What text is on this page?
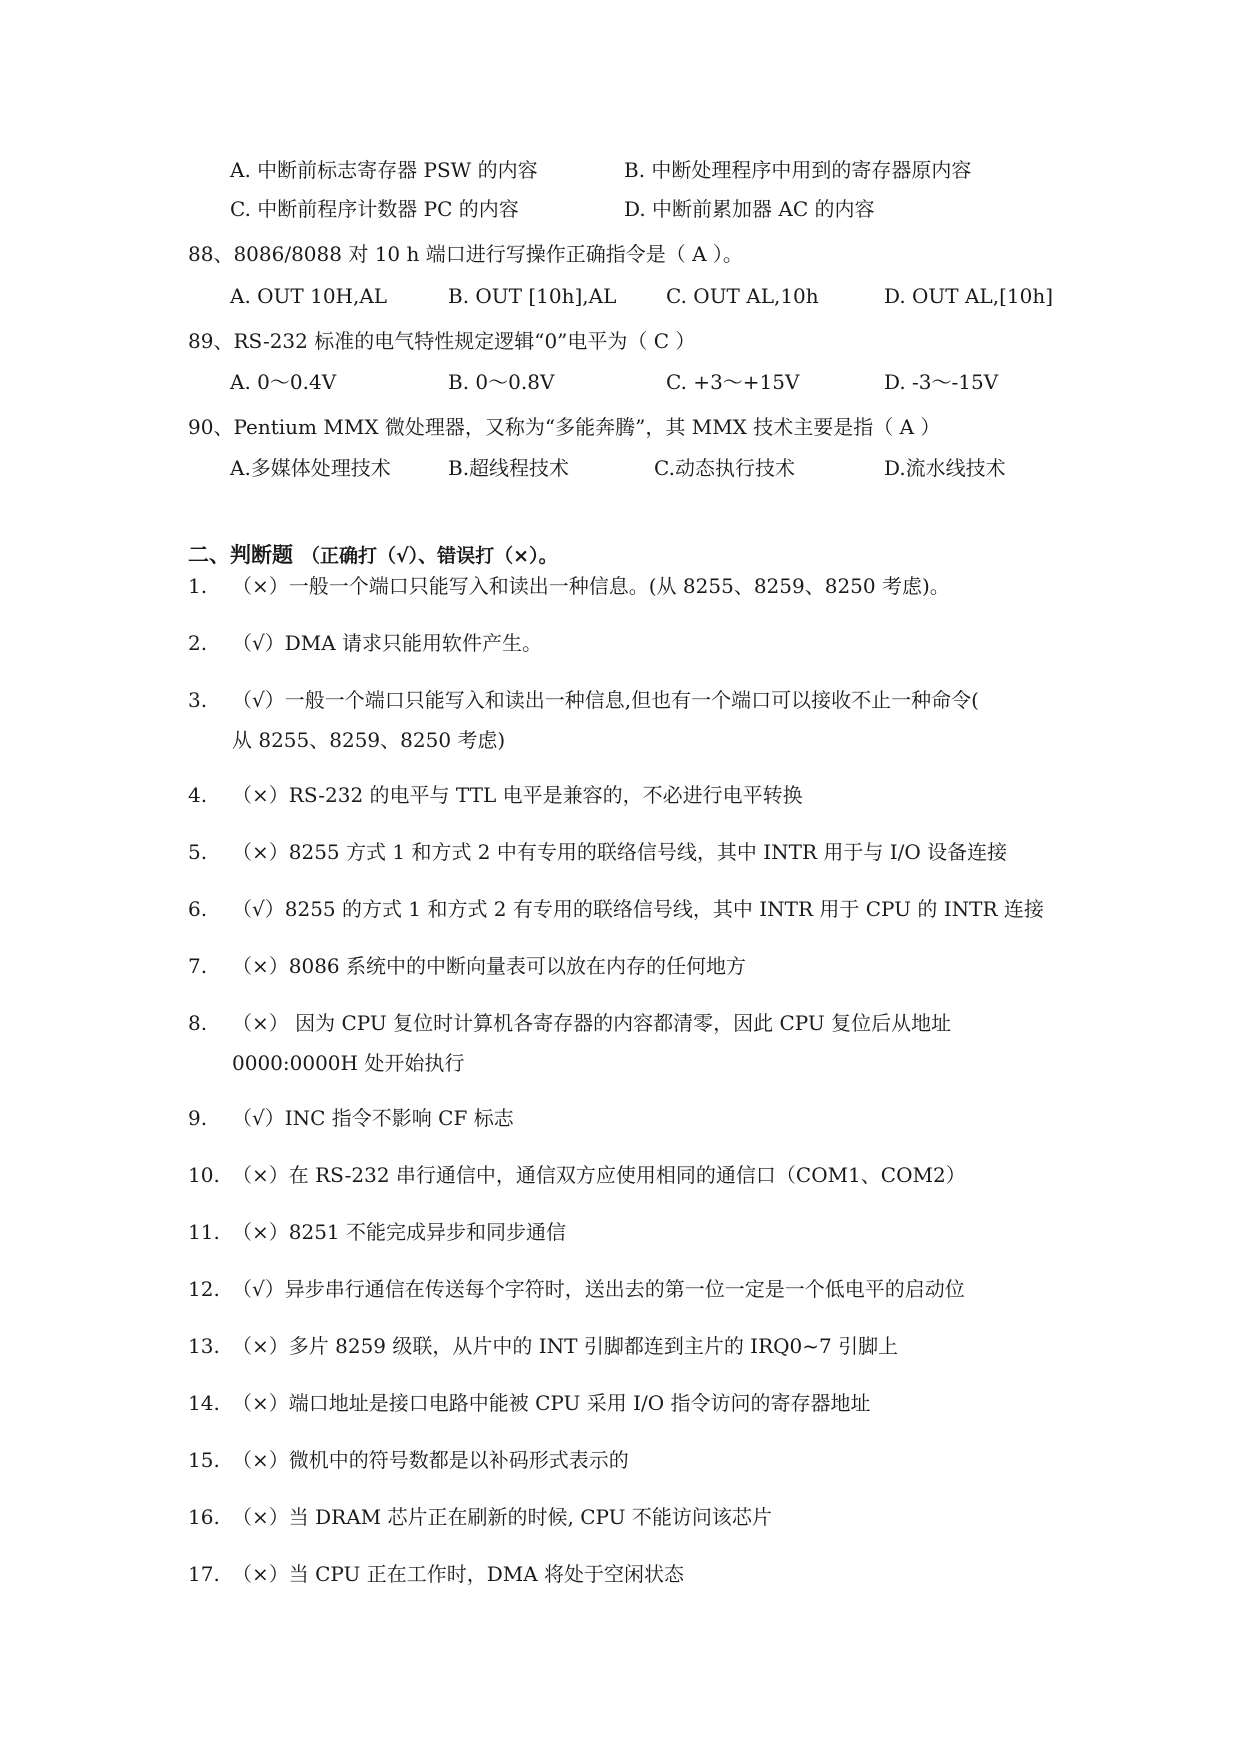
A. 中断前标志寄存器 PSW 的内容	B. 中断处理程序中用到的寄存器原内容
C. 中断前程序计数器 PC 的内容	D. 中断前累加器 AC 的内容
88、8086/8088 对 10 h 端口进行写操作正确指令是（ A ）。
A. OUT 10H,AL	B. OUT [10h],AL C. OUT AL,10h	D. OUT AL,[10h]
89、RS-232 标准的电气特性规定逻辑“0”电平为（ C ）
A. 0～0.4V	B. 0～0.8V	C. +3～+15V	D. -3～-15V
90、Pentium MMX 微处理器，又称为“多能奔腾”，其 MMX 技术主要是指（ A ）
A.多媒体处理技术	B.超线程技术	C.动态执行技术	D.流水线技术
二、判断题 （正确打（√）、错误打（×）。
1. （×）一般一个端口只能写入和读出一种信息。(从 8255、8259、8250 考虑)。
2. （√）DMA 请求只能用软件产生。
3. （√）一般一个端口只能写入和读出一种信息,但也有一个端口可以接收不止一种命令(
从 8255、8259、8250 考虑)
4. （×）RS-232 的电平与 TTL 电平是兼容的，不必进行电平转换
5. （×）8255 方式 1 和方式 2 中有专用的联络信号线，其中 INTR 用于与 I/O 设备连接
6. （√）8255 的方式 1 和方式 2 有专用的联络信号线，其中 INTR 用于 CPU 的 INTR 连接
7. （×）8086 系统中的中断向量表可以放在内存的任何地方
8. （×） 因为 CPU 复位时计算机各寄存器的内容都清零，因此 CPU 复位后从地址
0000:0000H 处开始执行
9. （√）INC 指令不影响 CF 标志
10. （×）在 RS-232 串行通信中，通信双方应使用相同的通信口（COM1、COM2）
11. （×）8251 不能完成异步和同步通信
12. （√）异步串行通信在传送每个字符时，送出去的第一位一定是一个低电平的启动位
13. （×）多片 8259 级联，从片中的 INT 引脚都连到主片的 IRQ0~7 引脚上
14. （×）端口地址是接口电路中能被 CPU 采用 I/O 指令访问的寄存器地址
15. （×）微机中的符号数都是以补码形式表示的
16. （×）当 DRAM 芯片正在刷新的时候, CPU 不能访问该芯片
17. （×）当 CPU 正在工作时，DMA 将处于空闲状态
